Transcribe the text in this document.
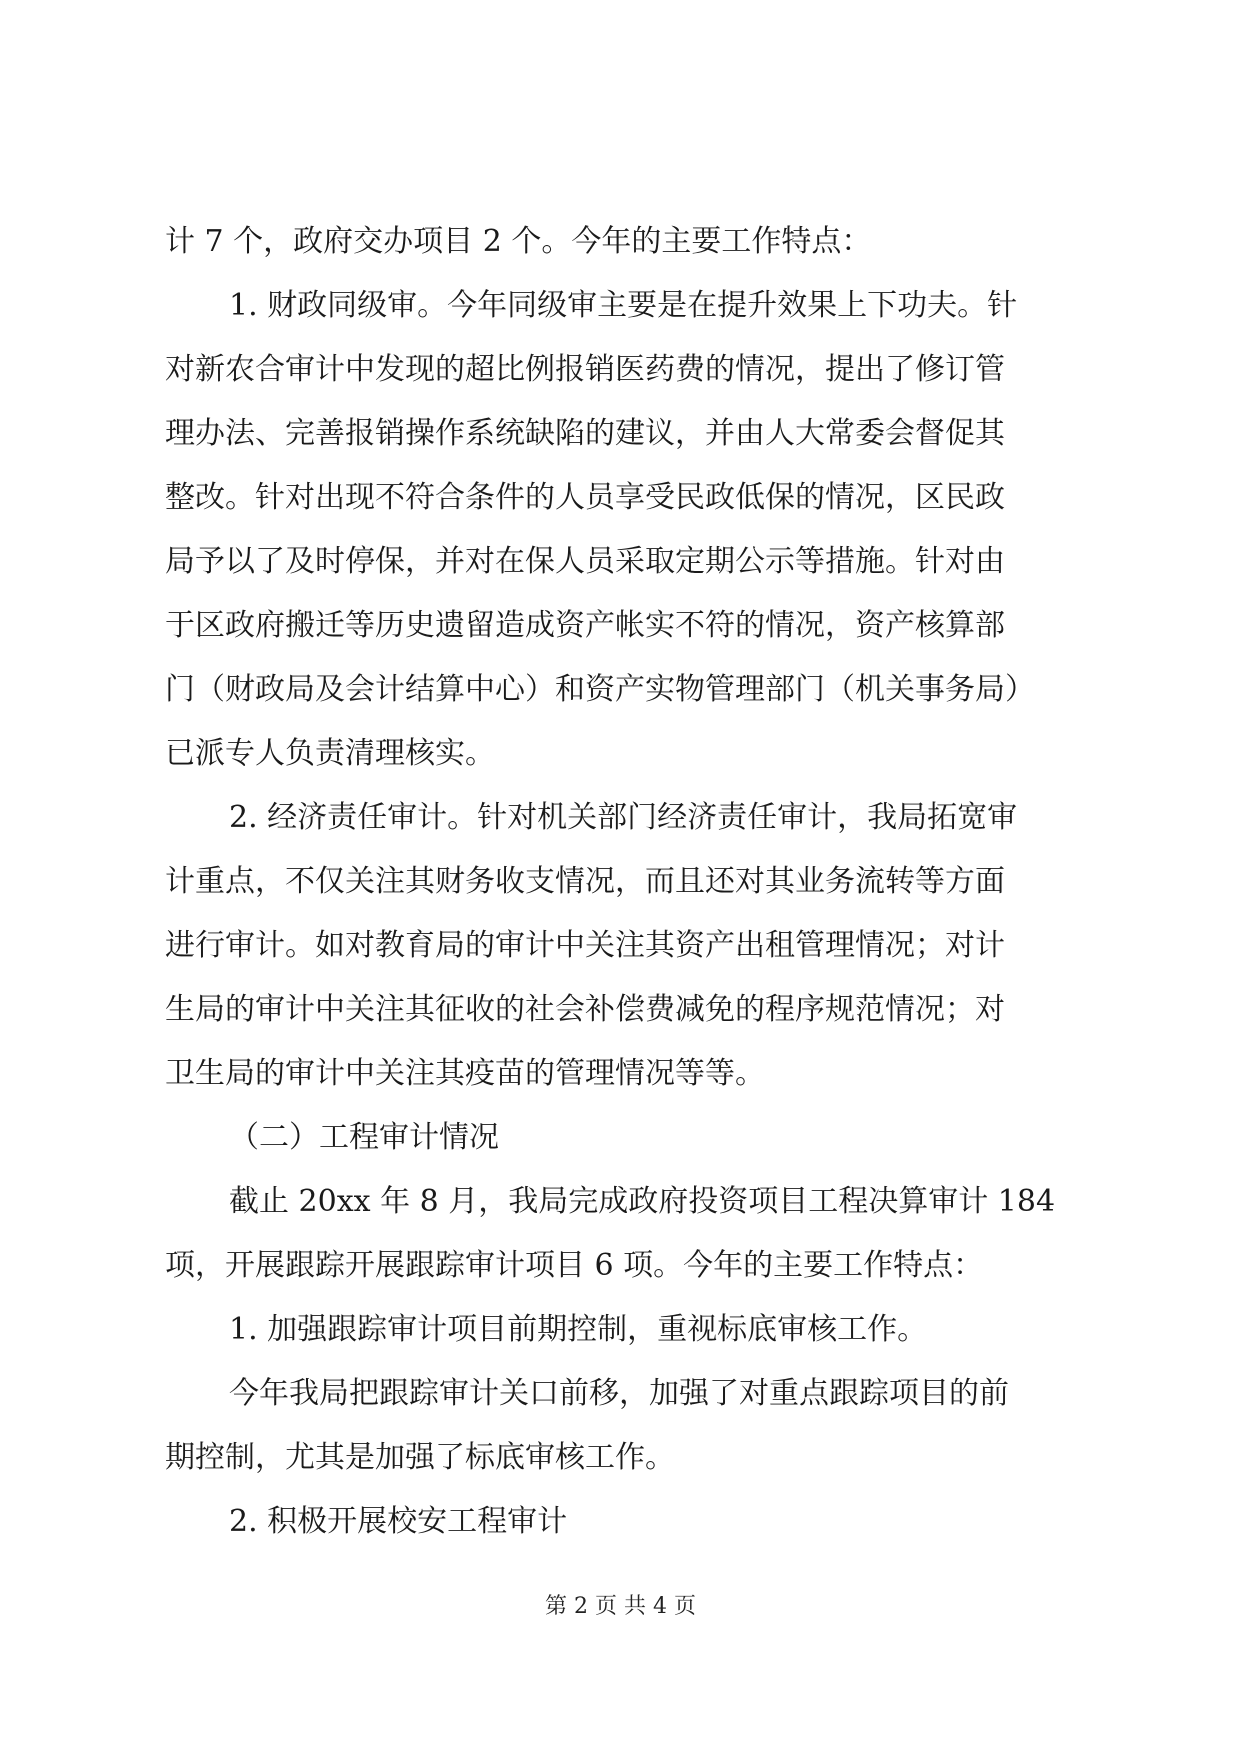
计 7 个，政府交办项目 2 个。今年的主要工作特点：
1. 财政同级审。今年同级审主要是在提升效果上下功夫。针
对新农合审计中发现的超比例报销医药费的情况，提出了修订管
理办法、完善报销操作系统缺陷的建议，并由人大常委会督促其
整改。针对出现不符合条件的人员享受民政低保的情况，区民政
局予以了及时停保，并对在保人员采取定期公示等措施。针对由
于区政府搬迁等历史遗留造成资产帐实不符的情况，资产核算部
门（财政局及会计结算中心）和资产实物管理部门（机关事务局）
已派专人负责清理核实。
2. 经济责任审计。针对机关部门经济责任审计，我局拓宽审
计重点，不仅关注其财务收支情况，而且还对其业务流转等方面
进行审计。如对教育局的审计中关注其资产出租管理情况；对计
生局的审计中关注其征收的社会补偿费减免的程序规范情况；对
卫生局的审计中关注其疫苗的管理情况等等。
（二）工程审计情况
截止 20xx 年 8 月，我局完成政府投资项目工程决算审计 184
项，开展跟踪开展跟踪审计项目 6 项。今年的主要工作特点：
1. 加强跟踪审计项目前期控制，重视标底审核工作。
今年我局把跟踪审计关口前移，加强了对重点跟踪项目的前
期控制，尤其是加强了标底审核工作。
2. 积极开展校安工程审计
第 2 页 共 4 页
